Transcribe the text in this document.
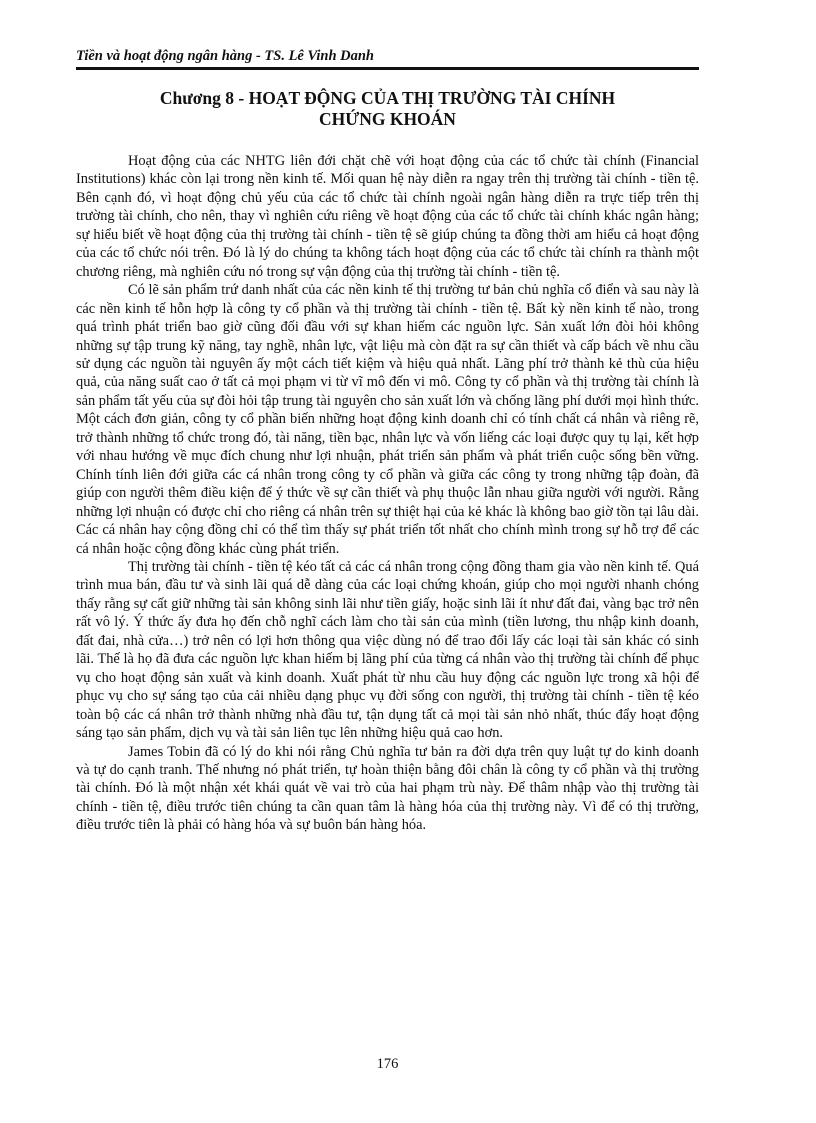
Tiền và hoạt động ngân hàng - TS. Lê Vinh Danh
Chương 8 - HOẠT ĐỘNG CỦA THỊ TRƯỜNG TÀI CHÍNH
CHỨNG KHOÁN

Hoạt động của các NHTG liên đới chặt chẽ với hoạt động của các tổ chức tài chính (Financial Institutions) khác còn lại trong nền kinh tế. Mối quan hệ này diễn ra ngay trên thị trường tài chính - tiền tệ. Bên cạnh đó, vì hoạt động chủ yếu của các tổ chức tài chính ngoài ngân hàng diễn ra trực tiếp trên thị trường tài chính, cho nên, thay vì nghiên cứu riêng về hoạt động của các tổ chức tài chính khác ngân hàng; sự hiểu biết về hoạt động của thị trường tài chính - tiền tệ sẽ giúp chúng ta đồng thời am hiểu cả hoạt động của các tổ chức nói trên. Đó là lý do chúng ta không tách hoạt động của các tổ chức tài chính ra thành một chương riêng, mà nghiên cứu nó trong sự vận động của thị trường tài chính - tiền tệ.

Có lẽ sản phẩm trứ danh nhất của các nền kinh tế thị trường tư bản chủ nghĩa cổ điển và sau này là các nền kinh tế hỗn hợp là công ty cổ phần và thị trường tài chính - tiền tệ. Bất kỳ nền kinh tế nào, trong quá trình phát triển bao giờ cũng đối đầu với sự khan hiếm các nguồn lực. Sản xuất lớn đòi hỏi không những sự tập trung kỹ năng, tay nghề, nhân lực, vật liệu mà còn đặt ra sự cần thiết và cấp bách về nhu cầu sử dụng các nguồn tài nguyên ấy một cách tiết kiệm và hiệu quả nhất. Lãng phí trở thành kẻ thù của hiệu quả, của năng suất cao ở tất cả mọi phạm vi từ vĩ mô đến vi mô. Công ty cổ phần và thị trường tài chính là sản phẩm tất yếu của sự đòi hỏi tập trung tài nguyên cho sản xuất lớn và chống lãng phí dưới mọi hình thức. Một cách đơn giản, công ty cổ phần biến những hoạt động kinh doanh chỉ có tính chất cá nhân và riêng rẽ, trở thành những tổ chức trong đó, tài năng, tiền bạc, nhân lực và vốn liếng các loại được quy tụ lại, kết hợp với nhau hướng về mục đích chung như lợi nhuận, phát triển sản phẩm và phát triển cuộc sống bền vững. Chính tính liên đới giữa các cá nhân trong công ty cổ phần và giữa các công ty trong những tập đoàn, đã giúp con người thêm điều kiện để ý thức về sự cần thiết và phụ thuộc lẫn nhau giữa người với người. Rằng những lợi nhuận có được chỉ cho riêng cá nhân trên sự thiệt hại của kẻ khác là không bao giờ tồn tại lâu dài. Các cá nhân hay cộng đồng chỉ có thể tìm thấy sự phát triển tốt nhất cho chính mình trong sự hỗ trợ để các cá nhân hoặc cộng đồng khác cùng phát triển.

Thị trường tài chính - tiền tệ kéo tất cả các cá nhân trong cộng đồng tham gia vào nền kinh tế. Quá trình mua bán, đầu tư và sinh lãi quá dễ dàng của các loại chứng khoán, giúp cho mọi người nhanh chóng thấy rằng sự cất giữ những tài sản không sinh lãi như tiền giấy, hoặc sinh lãi ít như đất đai, vàng bạc trở nên rất vô lý. Ý thức ấy đưa họ đến chỗ nghĩ cách làm cho tài sản của mình (tiền lương, thu nhập kinh doanh, đất đai, nhà cửa…) trở nên có lợi hơn thông qua việc dùng nó để trao đổi lấy các loại tài sản khác có sinh lãi. Thế là họ đã đưa các nguồn lực khan hiếm bị lãng phí của từng cá nhân vào thị trường tài chính để phục vụ cho hoạt động sản xuất và kinh doanh. Xuất phát từ nhu cầu huy động các nguồn lực trong xã hội để phục vụ cho sự sáng tạo của cải nhiều dạng phục vụ đời sống con người, thị trường tài chính - tiền tệ kéo toàn bộ các cá nhân trở thành những nhà đầu tư, tận dụng tất cả mọi tài sản nhỏ nhất, thúc đẩy hoạt động sáng tạo sản phẩm, dịch vụ và tài sản liên tục lên những hiệu quả cao hơn.

James Tobin đã có lý do khi nói rằng Chủ nghĩa tư bản ra đời dựa trên quy luật tự do kinh doanh và tự do cạnh tranh. Thế nhưng nó phát triển, tự hoàn thiện bằng đôi chân là công ty cổ phần và thị trường tài chính. Đó là một nhận xét khái quát về vai trò của hai phạm trù này. Để thâm nhập vào thị trường tài chính - tiền tệ, điều trước tiên chúng ta cần quan tâm là hàng hóa của thị trường này. Vì để có thị trường, điều trước tiên là phải có hàng hóa và sự buôn bán hàng hóa.

176
